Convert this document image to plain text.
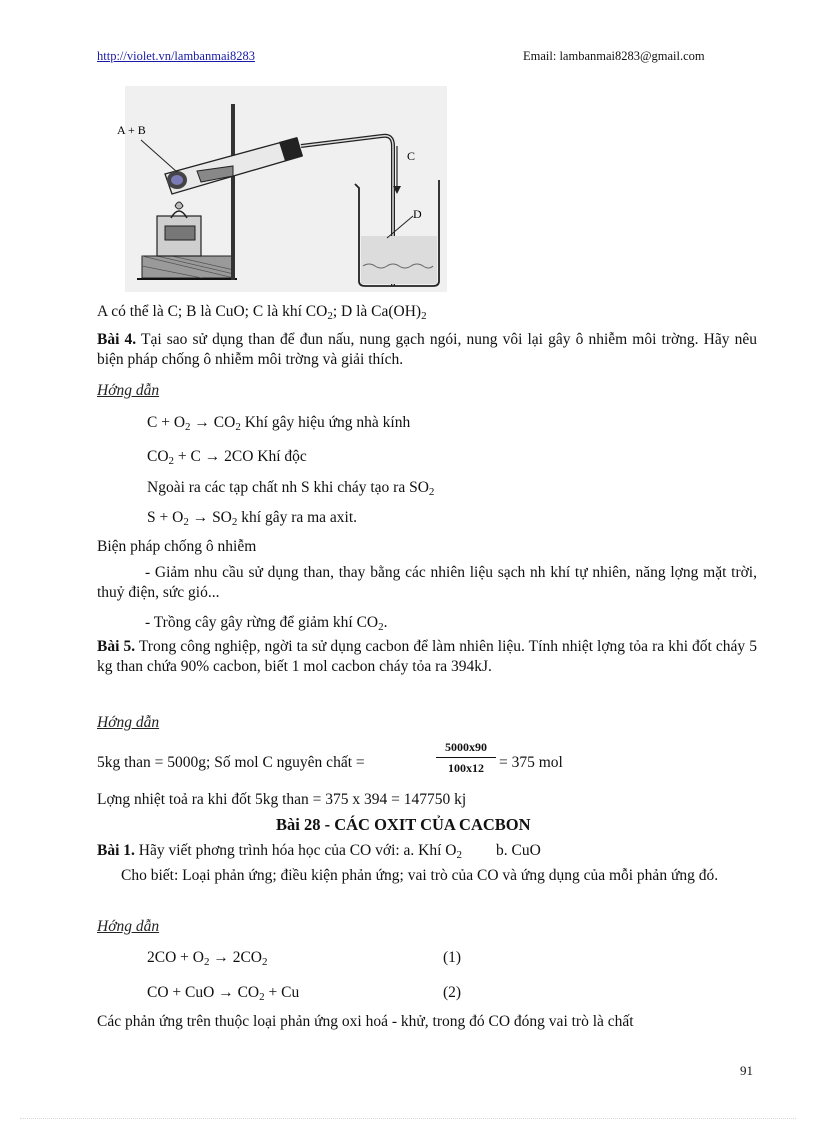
http://violet.vn/lambanmai8283	Email: lambanmai8283@gmail.com
A + B
C
D
A có thể là C; B là CuO; C là khí $CO_2$; D là $Ca(OH)_2$
Bài 4. Tại sao sử dụng than để đun nấu, nung gạch ngói, nung vôi lại gây ô nhiễm môi trờng. Hãy nêu biện pháp chống ô nhiễm môi trờng và giải thích.
Hớng dẫn
$C + O_2 \to CO_2$ Khí gây hiệu ứng nhà kính
$CO_2 + C \to 2CO$ Khí độc
Ngoài ra các tạp chất nh S khi cháy tạo ra $SO_2$
$S + O_2 \to SO_2$ khí gây ra ma axit.
Biện pháp chống ô nhiễm
- Giảm nhu cầu sử dụng than, thay bằng các nhiên liệu sạch nh khí tự nhiên, năng lợng mặt trời, thuỷ điện, sức gió...
- Trồng cây gây rừng để giảm khí $CO_2$.
Bài 5. Trong công nghiệp, ngời ta sử dụng cacbon để làm nhiên liệu. Tính nhiệt lợng tỏa ra khi đốt cháy 5 kg than chứa 90% cacbon, biết 1 mol cacbon cháy tỏa ra 394kJ.
Hớng dẫn
5kg than = 5000g; Số mol C nguyên chất =	$\frac{5000x90}{100x12} = 375$ mol
Lợng nhiệt toả ra khi đốt 5kg than = 375 x 394 = 147750 kj
Bài 28 - CÁC OXIT CỦA CACBON
Bài 1. Hãy viết phơng trình hóa học của CO với: a. Khí $O_2$ b. CuO
Cho biết: Loại phản ứng; điều kiện phản ứng; vai trò của CO và ứng dụng của mỗi phản ứng đó.
Hớng dẫn
$2CO + O_2 \to 2CO_2$	(1)
CO + CuO → $CO_2 + Cu$	(2)
Các phản ứng trên thuộc loại phản ứng oxi hoá - khử, trong đó CO đóng vai trò là chất
91
